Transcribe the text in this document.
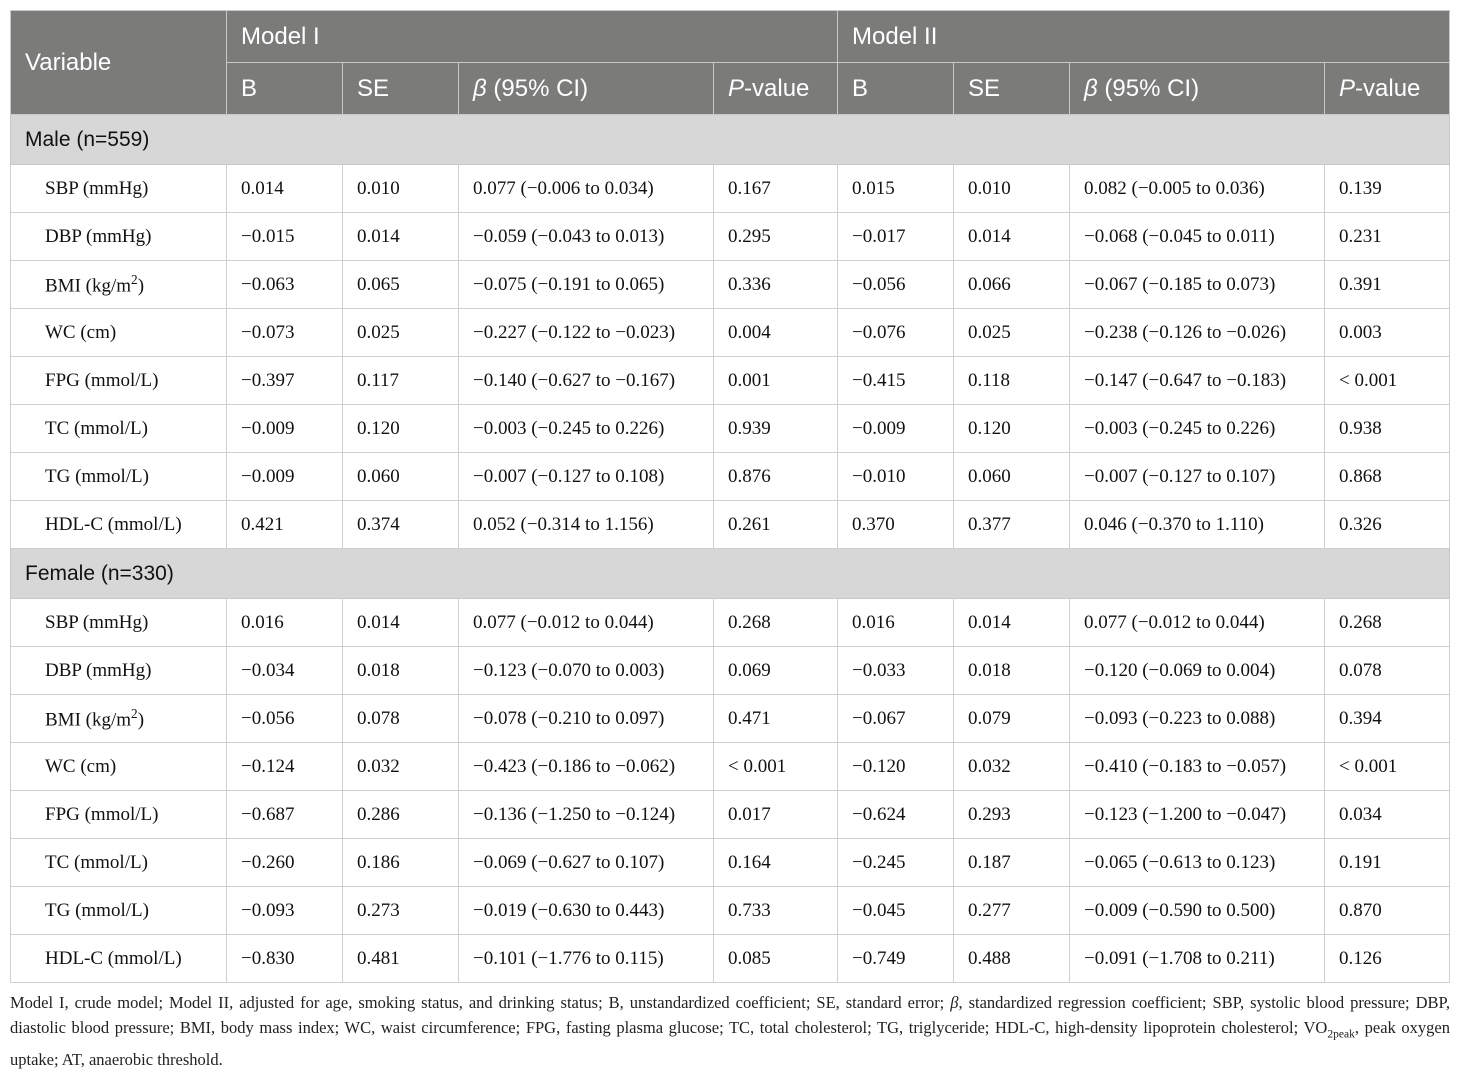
Variable	Model I				Model II			
	B	SE	β (95% CI)	P-value	B	SE	β (95% CI)	P-value
Male (n=559)								
SBP (mmHg)	0.014	0.010	0.077 (−0.006 to 0.034)	0.167	0.015	0.010	0.082 (−0.005 to 0.036)	0.139
DBP (mmHg)	−0.015	0.014	−0.059 (−0.043 to 0.013)	0.295	−0.017	0.014	−0.068 (−0.045 to 0.011)	0.231
BMI $(kg/m^2)$	−0.063	0.065	−0.075 (−0.191 to 0.065)	0.336	−0.056	0.066	−0.067 (−0.185 to 0.073)	0.391
WC (cm)	−0.073	0.025	−0.227 (−0.122 to −0.023)	0.004	−0.076	0.025	−0.238 (−0.126 to −0.026)	0.003
FPG (mmol/L)	−0.397	0.117	−0.140 (−0.627 to −0.167)	0.001	−0.415	0.118	−0.147 (−0.647 to −0.183)	< 0.001
TC (mmol/L)	−0.009	0.120	−0.003 (−0.245 to 0.226)	0.939	−0.009	0.120	−0.003 (−0.245 to 0.226)	0.938
TG (mmol/L)	−0.009	0.060	−0.007 (−0.127 to 0.108)	0.876	−0.010	0.060	−0.007 (−0.127 to 0.107)	0.868
HDL-C (mmol/L)	0.421	0.374	0.052 (−0.314 to 1.156)	0.261	0.370	0.377	0.046 (−0.370 to 1.110)	0.326
Female (n=330)								
SBP (mmHg)	0.016	0.014	0.077 (−0.012 to 0.044)	0.268	0.016	0.014	0.077 (−0.012 to 0.044)	0.268
DBP (mmHg)	−0.034	0.018	−0.123 (−0.070 to 0.003)	0.069	−0.033	0.018	−0.120 (−0.069 to 0.004)	0.078
BMI $(kg/m^2)$	−0.056	0.078	−0.078 (−0.210 to 0.097)	0.471	−0.067	0.079	−0.093 (−0.223 to 0.088)	0.394
WC (cm)	−0.124	0.032	−0.423 (−0.186 to −0.062)	< 0.001	−0.120	0.032	−0.410 (−0.183 to −0.057)	< 0.001
FPG (mmol/L)	−0.687	0.286	−0.136 (−1.250 to −0.124)	0.017	−0.624	0.293	−0.123 (−1.200 to −0.047)	0.034
TC (mmol/L)	−0.260	0.186	−0.069 (−0.627 to 0.107)	0.164	−0.245	0.187	−0.065 (−0.613 to 0.123)	0.191
TG (mmol/L)	−0.093	0.273	−0.019 (−0.630 to 0.443)	0.733	−0.045	0.277	−0.009 (−0.590 to 0.500)	0.870
HDL-C (mmol/L)	−0.830	0.481	−0.101 (−1.776 to 0.115)	0.085	−0.749	0.488	−0.091 (−1.708 to 0.211)	0.126
Model I, crude model; Model II, adjusted for age, smoking status, and drinking status; B, unstandardized coefficient; SE, standard error; β, standardized regression coefficient; SBP, systolic blood pressure; DBP, diastolic blood pressure; BMI, body mass index; WC, waist circumference; FPG, fasting plasma glucose; TC, total cholesterol; TG, triglyceride; HDL-C, high-density lipoprotein cholesterol; $VO_{2peak}$, peak oxygen uptake; AT, anaerobic threshold.
